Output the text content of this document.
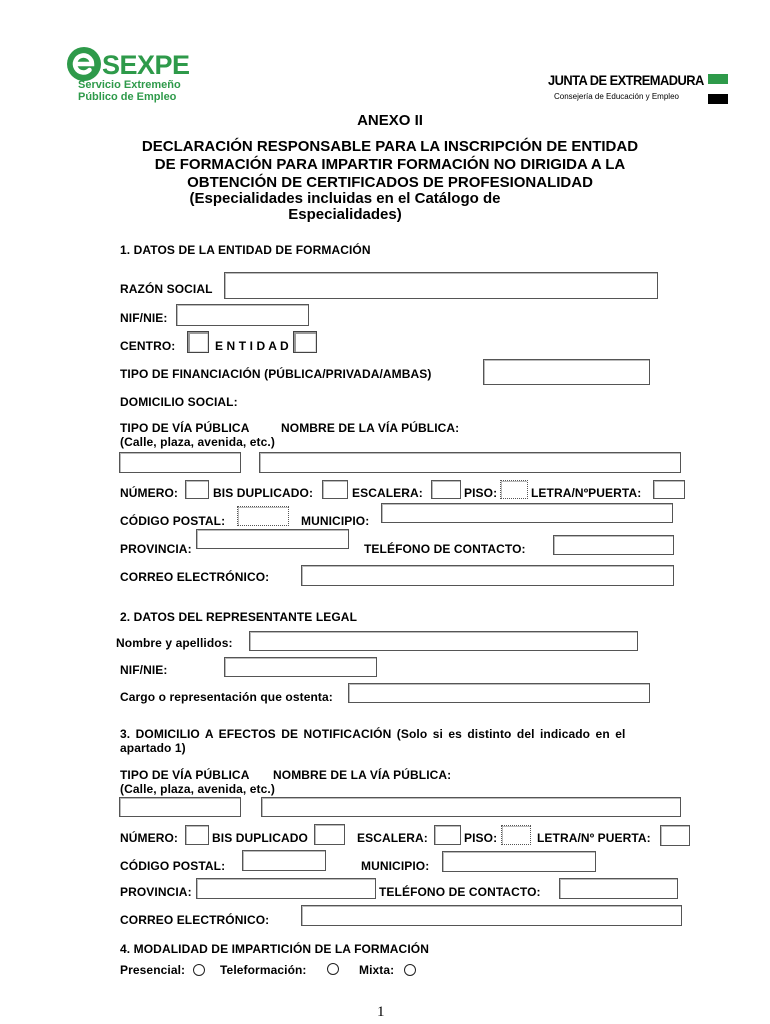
SEXPE
Servicio Extremeño
Público de Empleo
JUNTA DE EXTREMADURA
Consejería de Educación y Empleo
ANEXO II
DECLARACIÓN RESPONSABLE PARA LA INSCRIPCIÓN DE ENTIDAD
DE FORMACIÓN PARA IMPARTIR FORMACIÓN NO DIRIGIDA A LA
OBTENCIÓN DE CERTIFICADOS DE PROFESIONALIDAD
(Especialidades incluidas en el Catálogo de
Especialidades)
1. DATOS DE LA ENTIDAD DE FORMACIÓN
RAZÓN SOCIAL
NIF/NIE:
CENTRO:	E N T I D A D
TIPO DE FINANCIACIÓN (PÚBLICA/PRIVADA/AMBAS)
DOMICILIO SOCIAL:
TIPO DE VÍA PÚBLICA	NOMBRE DE LA VÍA PÚBLICA:
(Calle, plaza, avenida, etc.)
NÚMERO:	BIS DUPLICADO:	ESCALERA:	PISO:	LETRA/NºPUERTA:
CÓDIGO POSTAL:	MUNICIPIO:
PROVINCIA:	TELÉFONO DE CONTACTO:
CORREO ELECTRÓNICO:
2. DATOS DEL REPRESENTANTE LEGAL
Nombre y apellidos:
NIF/NIE:
Cargo o representación que ostenta:
3. DOMICILIO A EFECTOS DE NOTIFICACIÓN (Solo si es distinto del indicado en el
apartado 1)
TIPO DE VÍA PÚBLICA NOMBRE DE LA VÍA PÚBLICA:
(Calle, plaza, avenida, etc.)
NÚMERO:	BIS DUPLICADO	ESCALERA:	PISO:	LETRA/Nº PUERTA:
CÓDIGO POSTAL:	MUNICIPIO:
PROVINCIA:	TELÉFONO DE CONTACTO:
CORREO ELECTRÓNICO:
4. MODALIDAD DE IMPARTICIÓN DE LA FORMACIÓN
Presencial:	Teleformación:	Mixta:
1
